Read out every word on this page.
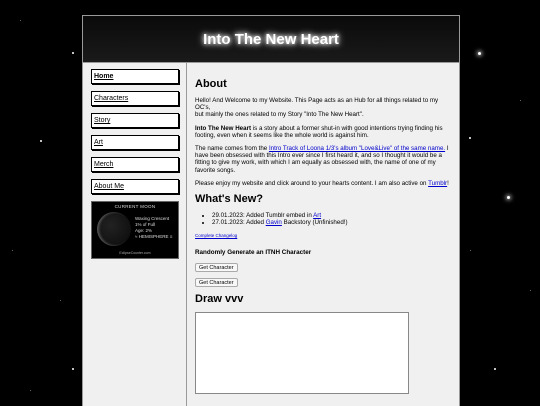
Into The New Heart
Home
Characters
Story
Art
Merch
About Me
CURRENT MOON
Waxing Crescent
1% of Full
Age: 2%
≈ HEMISPHERE ≡
EclipseCounter.com
About

Hello! And Welcome to my Website. This Page acts as an Hub for all things related to my OC's,
but mainly the ones related to my Story "Into The New Heart".

Into The New Heart is a story about a former shut-in with good intentions trying finding his footing, even when it seems like the whole world is against him.

The name comes from the Intro Track of Loona 1/3's album "Love&Live" of the same name. I have been obsessed with this Intro ever since I first heard it, and so I thought it would be a fitting to give my work, with which I am equally as obsessed with, the name of one of my favorite songs.

Please enjoy my website and click around to your hearts content. I am also active on Tumblr!

What's New?
• 29.01.2023: Added Tumblr embed in Art
• 27.01.2023: Added Gavin Backstory (Unfinished!)
Complete Changelog
Randomly Generate an ITNH Character
Get Character
Get Character
Draw vvv
